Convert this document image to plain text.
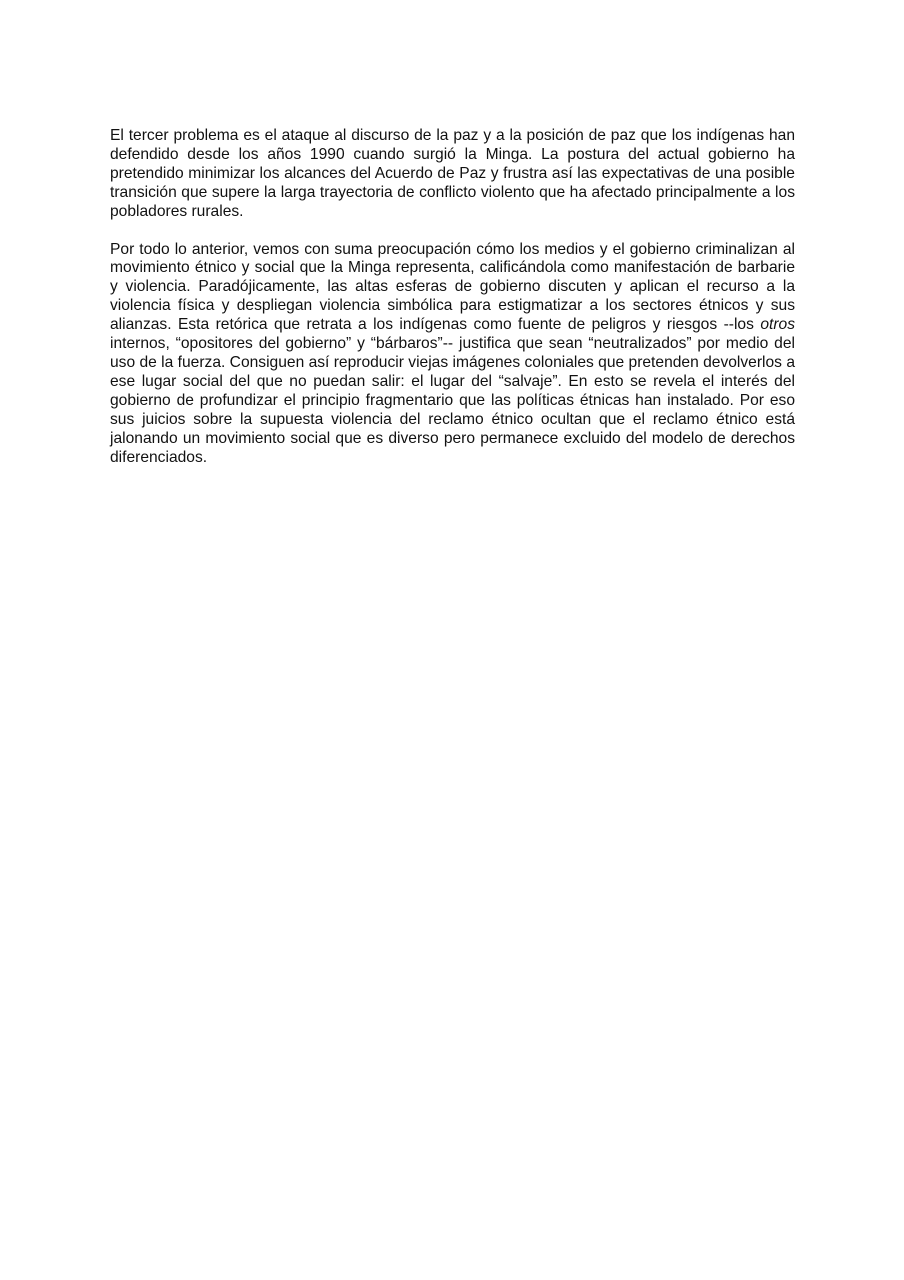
El tercer problema es el ataque al discurso de la paz y a la posición de paz que los indígenas han defendido desde los años 1990 cuando surgió la Minga. La postura del actual gobierno ha pretendido minimizar los alcances del Acuerdo de Paz y frustra así las expectativas de una posible transición que supere la larga trayectoria de conflicto violento que ha afectado principalmente a los pobladores rurales.

Por todo lo anterior, vemos con suma preocupación cómo los medios y el gobierno criminalizan al movimiento étnico y social que la Minga representa, calificándola como manifestación de barbarie y violencia. Paradójicamente, las altas esferas de gobierno discuten y aplican el recurso a la violencia física y despliegan violencia simbólica para estigmatizar a los sectores étnicos y sus alianzas. Esta retórica que retrata a los indígenas como fuente de peligros y riesgos --los otros internos, “opositores del gobierno” y “bárbaros”-- justifica que sean “neutralizados” por medio del uso de la fuerza. Consiguen así reproducir viejas imágenes coloniales que pretenden devolverlos a ese lugar social del que no puedan salir: el lugar del “salvaje”. En esto se revela el interés del gobierno de profundizar el principio fragmentario que las políticas étnicas han instalado. Por eso sus juicios sobre la supuesta violencia del reclamo étnico ocultan que el reclamo étnico está jalonando un movimiento social que es diverso pero permanece excluido del modelo de derechos diferenciados.
